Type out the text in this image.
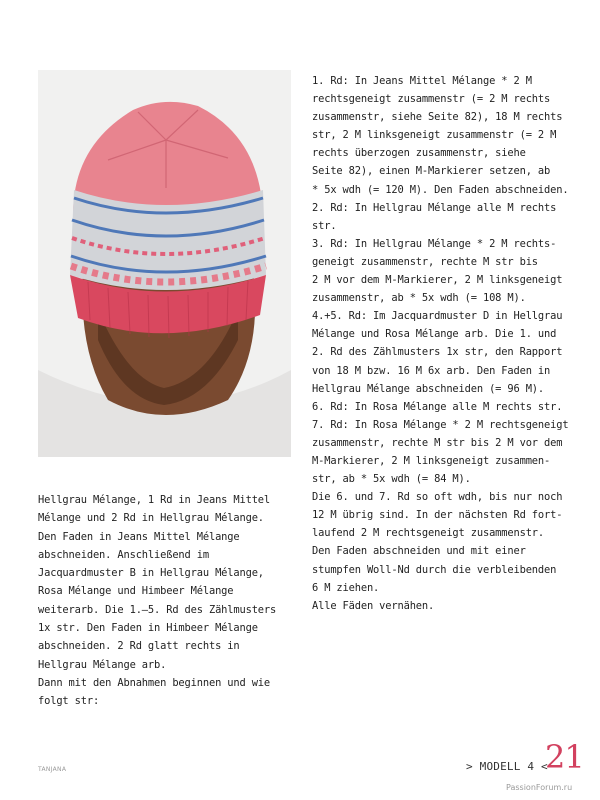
Hellgrau Mélange, 1 Rd in Jeans Mittel

Mélange und 2 Rd in Hellgrau Mélange.

Den Faden in Jeans Mittel Mélange

abschneiden. Anschließend im

Jacquardmuster B in Hellgrau Mélange,

Rosa Mélange und Himbeer Mélange

weiterarb. Die 1.–5. Rd des Zählmusters

1x str. Den Faden in Himbeer Mélange

abschneiden. 2 Rd glatt rechts in

Hellgrau Mélange arb.

Dann mit den Abnahmen beginnen und wie

folgt str:

1. Rd: In Jeans Mittel Mélange * 2 M

rechtsgeneigt zusammenstr (= 2 M rechts

zusammenstr, siehe Seite 82), 18 M rechts

str, 2 M linksgeneigt zusammenstr (= 2 M

rechts überzogen zusammenstr, siehe

Seite 82), einen M-Markierer setzen, ab

* 5x wdh (= 120 M). Den Faden abschneiden.

2. Rd: In Hellgrau Mélange alle M rechts

str.

3. Rd: In Hellgrau Mélange * 2 M rechts-

geneigt zusammenstr, rechte M str bis

2 M vor dem M-Markierer, 2 M linksgeneigt

zusammenstr, ab * 5x wdh (= 108 M).

4.+5. Rd: Im Jacquardmuster D in Hellgrau

Mélange und Rosa Mélange arb. Die 1. und

2. Rd des Zählmusters 1x str, den Rapport

von 18 M bzw. 16 M 6x arb. Den Faden in

Hellgrau Mélange abschneiden (= 96 M).

6. Rd: In Rosa Mélange alle M rechts str.

7. Rd: In Rosa Mélange * 2 M rechtsgeneigt

zusammenstr, rechte M str bis 2 M vor dem

M-Markierer, 2 M linksgeneigt zusammen-

str, ab * 5x wdh (= 84 M).

Die 6. und 7. Rd so oft wdh, bis nur noch

12 M übrig sind. In der nächsten Rd fort-

laufend 2 M rechtsgeneigt zusammenstr.

Den Faden abschneiden und mit einer

stumpfen Woll-Nd durch die verbleibenden

6 M ziehen.

Alle Fäden vernähen.

TANJANA	> MODELL 4 <
21
PassionForum.ru
